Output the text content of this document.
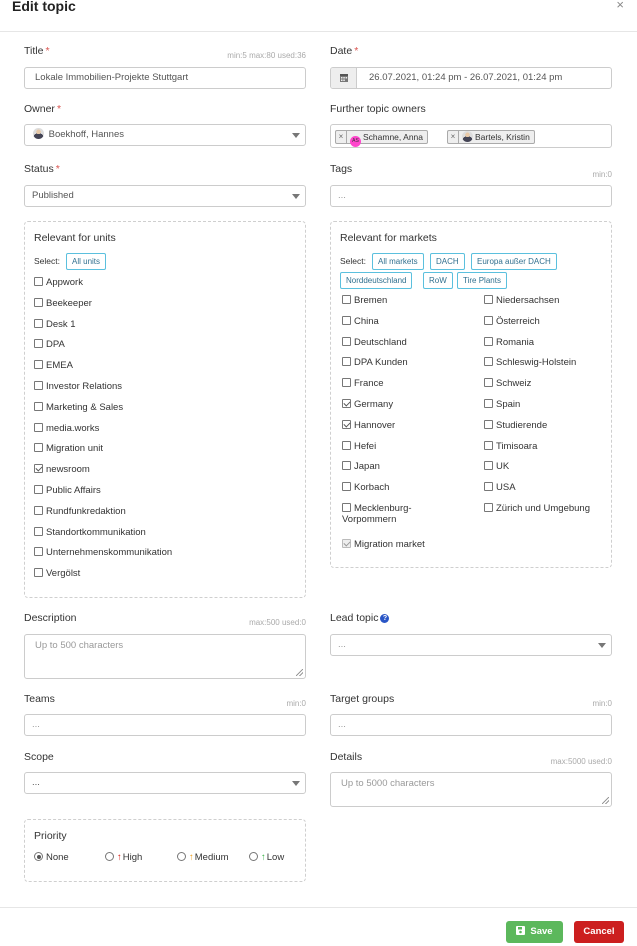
Edit topic	×
Title *	min:5 max:80 used:36
Lokale Immobilien-Projekte Stuttgart
Date *
26.07.2021, 01:24 pm - 26.07.2021, 01:24 pm
Owner *
Boekhoff, Hannes
Further topic owners
×	AS Schamne, Anna	×	Bartels, Kristin
Status *
Published
Tags	min:0
...
Relevant for units
Select:	All units
Appwork
Beekeeper
Desk 1
DPA
EMEA
Investor Relations
Marketing & Sales
media.works
Migration unit
newsroom
Public Affairs
Rundfunkredaktion
Standortkommunikation
Unternehmenskommunikation
Vergölst
Relevant for markets
Select:	All markets	DACH	Europa außer DACH
Norddeutschland	RoW	Tire Plants
Bremen
China
Deutschland
DPA Kunden
France
Germany
Hannover
Hefei
Japan
Korbach
Mecklenburg-
Vorpommern
Niedersachsen
Österreich
Romania
Schleswig-Holstein
Schweiz
Spain
Studierende
Timisoara
UK
USA
Zürich und Umgebung
Migration market
Description	max:500 used:0
Up to 500 characters
Lead topic ?
...
Teams	min:0
...
Target groups	min:0
...
Scope
...
Details	max:5000 used:0
Up to 5000 characters
Priority
None	↑High	↑Medium	↑Low
Save	Cancel
